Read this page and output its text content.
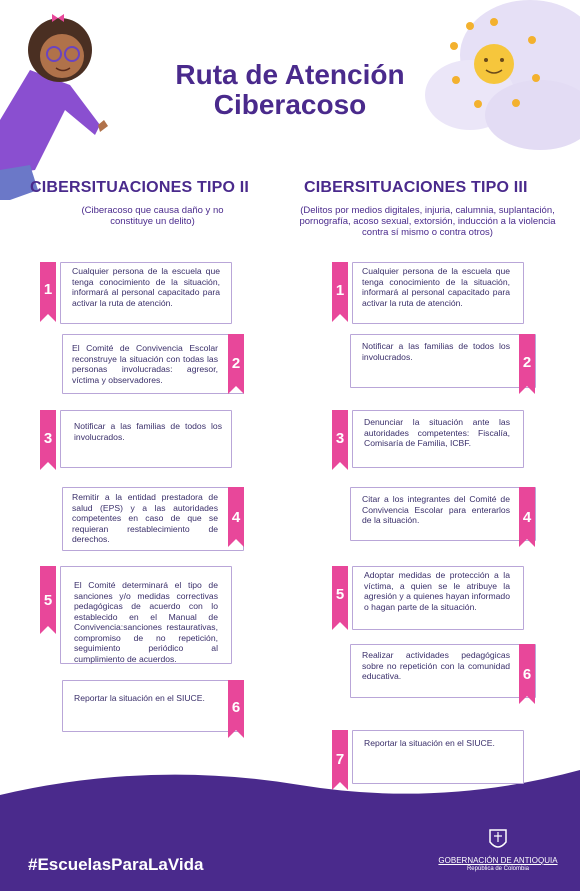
Ruta de Atención
Ciberacoso
CIBERSITUACIONES TIPO II
(Ciberacoso que causa daño y no constituye un delito)
CIBERSITUACIONES TIPO III
(Delitos por medios digitales, injuria, calumnia, suplantación, pornografía, acoso sexual, extorsión, inducción a la violencia contra sí mismo o contra otros)
1
Cualquier persona de la escuela que tenga conocimiento de la situación, informará al personal capacitado para activar la ruta de atención.
2
El Comité de Convivencia Escolar reconstruye la situación con todas las personas involucradas: agresor, víctima y observadores.
3
Notificar a las familias de todos los involucrados.
4
Remitir a la entidad prestadora de salud (EPS) y a las autoridades competentes en caso de que se requieran restablecimiento de derechos.
5
El Comité determinará el tipo de sanciones y/o medidas correctivas pedagógicas de acuerdo con lo establecido en el Manual de Convivencia:sanciones restaurativas, compromiso de no repetición, seguimiento periódico al cumplimiento de acuerdos.
6
Reportar la situación en el SIUCE.
1
Cualquier persona de la escuela que tenga conocimiento de la situación, informará al personal capacitado para activar la ruta de atención.
2
Notificar a las familias de todos los involucrados.
3
Denunciar la situación ante las autoridades competentes: Fiscalía, Comisaría de Familia, ICBF.
4
Citar a los integrantes del Comité de Convivencia Escolar para enterarlos de la situación.
5
Adoptar medidas de protección a la víctima, a quien se le atribuye la agresión y a quienes hayan informado o hagan parte de la situación.
6
Realizar actividades pedagógicas sobre no repetición con la comunidad educativa.
7
Reportar la situación en el SIUCE.
#EscuelasParaLaVida	GOBERNACIÓN DE ANTIOQUIA
República de Colombia
